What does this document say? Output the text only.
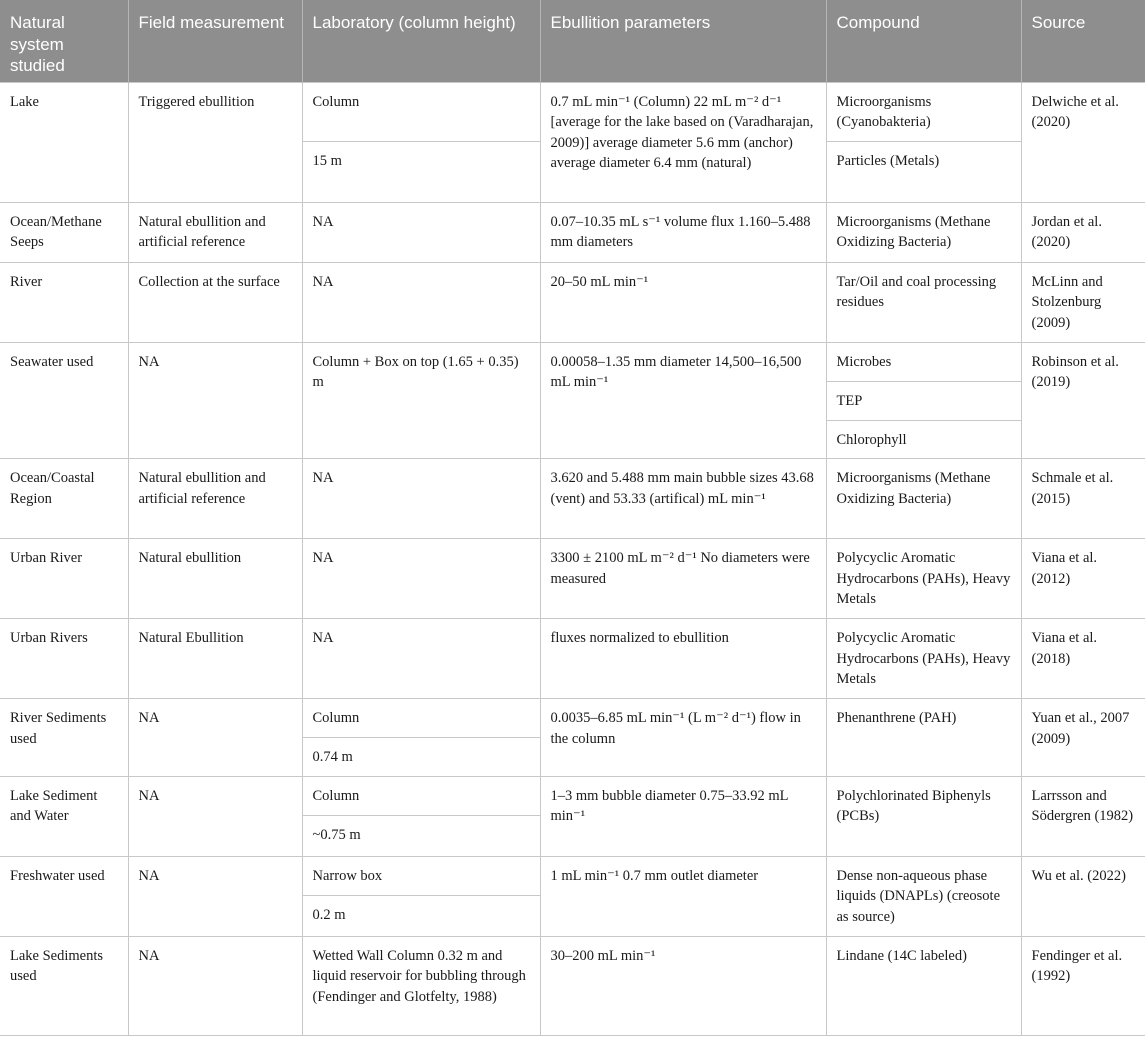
Natural system studied	Field measurement	Laboratory (column height)	Ebullition parameters	Compound	Source
Lake	Triggered ebullition	Column	0.7 mL min⁻¹ (Column) 22 mL m⁻² d⁻¹ [average for the lake based on (Varadharajan, 2009)] average diameter 5.6 mm (anchor) average diameter 6.4 mm (natural)	Microorganisms (Cyanobakteria)	Delwiche et al. (2020)
		15 m		Particles (Metals)	
Ocean/Methane Seeps	Natural ebullition and artificial reference	NA	0.07–10.35 mL s⁻¹ volume flux 1.160–5.488 mm diameters	Microorganisms (Methane Oxidizing Bacteria)	Jordan et al. (2020)
River	Collection at the surface	NA	20–50 mL min⁻¹	Tar/Oil and coal processing residues	McLinn and Stolzenburg (2009)
Seawater used	NA	Column + Box on top (1.65 + 0.35) m	0.00058–1.35 mm diameter 14,500–16,500 mL min⁻¹	Microbes	Robinson et al. (2019)
				TEP	
				Chlorophyll	
Ocean/Coastal Region	Natural ebullition and artificial reference	NA	3.620 and 5.488 mm main bubble sizes 43.68 (vent) and 53.33 (artifical) mL min⁻¹	Microorganisms (Methane Oxidizing Bacteria)	Schmale et al. (2015)
Urban River	Natural ebullition	NA	3300 ± 2100 mL m⁻² d⁻¹ No diameters were measured	Polycyclic Aromatic Hydrocarbons (PAHs), Heavy Metals	Viana et al. (2012)
Urban Rivers	Natural Ebullition	NA	fluxes normalized to ebullition	Polycyclic Aromatic Hydrocarbons (PAHs), Heavy Metals	Viana et al. (2018)
River Sediments used	NA	Column	0.0035–6.85 mL min⁻¹ (L m⁻² d⁻¹) flow in the column	Phenanthrene (PAH)	Yuan et al., 2007 (2009)
		0.74 m			
Lake Sediment and Water	NA	Column	1–3 mm bubble diameter 0.75–33.92 mL min⁻¹	Polychlorinated Biphenyls (PCBs)	Larrsson and Södergren (1982)
		~0.75 m			
Freshwater used	NA	Narrow box	1 mL min⁻¹ 0.7 mm outlet diameter	Dense non-aqueous phase liquids (DNAPLs) (creosote as source)	Wu et al. (2022)
		0.2 m			
Lake Sediments used	NA	Wetted Wall Column 0.32 m and liquid reservoir for bubbling through (Fendinger and Glotfelty, 1988)	30–200 mL min⁻¹	Lindane (14C labeled)	Fendinger et al. (1992)
